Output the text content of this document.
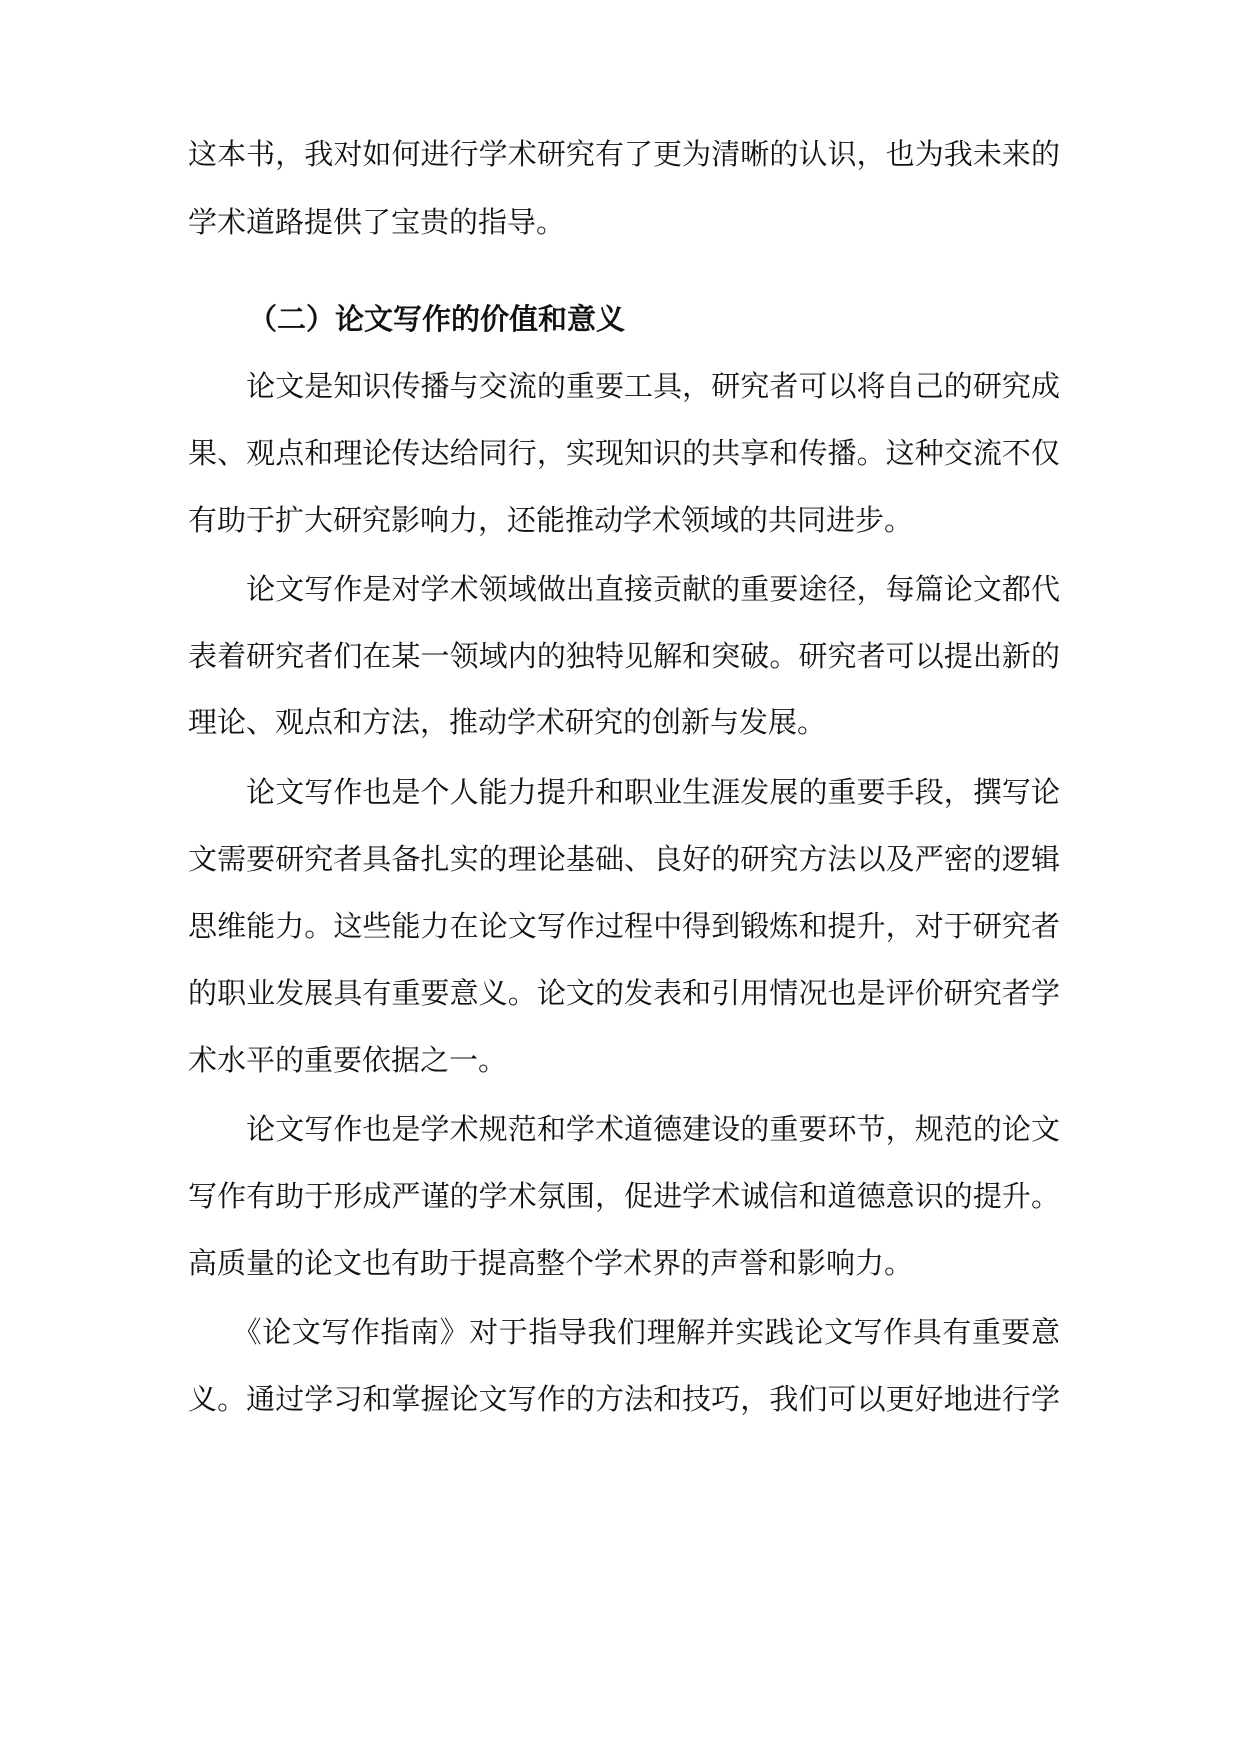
这本书，我对如何进行学术研究有了更为清晰的认识，也为我未来的

学术道路提供了宝贵的指导。

（二）论文写作的价值和意义

　　论文是知识传播与交流的重要工具，研究者可以将自己的研究成

果、观点和理论传达给同行，实现知识的共享和传播。这种交流不仅

有助于扩大研究影响力，还能推动学术领域的共同进步。

　　论文写作是对学术领域做出直接贡献的重要途径，每篇论文都代

表着研究者们在某一领域内的独特见解和突破。研究者可以提出新的

理论、观点和方法，推动学术研究的创新与发展。

　　论文写作也是个人能力提升和职业生涯发展的重要手段，撰写论

文需要研究者具备扎实的理论基础、良好的研究方法以及严密的逻辑

思维能力。这些能力在论文写作过程中得到锻炼和提升，对于研究者

的职业发展具有重要意义。论文的发表和引用情况也是评价研究者学

术水平的重要依据之一。

　　论文写作也是学术规范和学术道德建设的重要环节，规范的论文

写作有助于形成严谨的学术氛围，促进学术诚信和道德意识的提升。

高质量的论文也有助于提高整个学术界的声誉和影响力。

　　《论文写作指南》对于指导我们理解并实践论文写作具有重要意

义。通过学习和掌握论文写作的方法和技巧，我们可以更好地进行学
